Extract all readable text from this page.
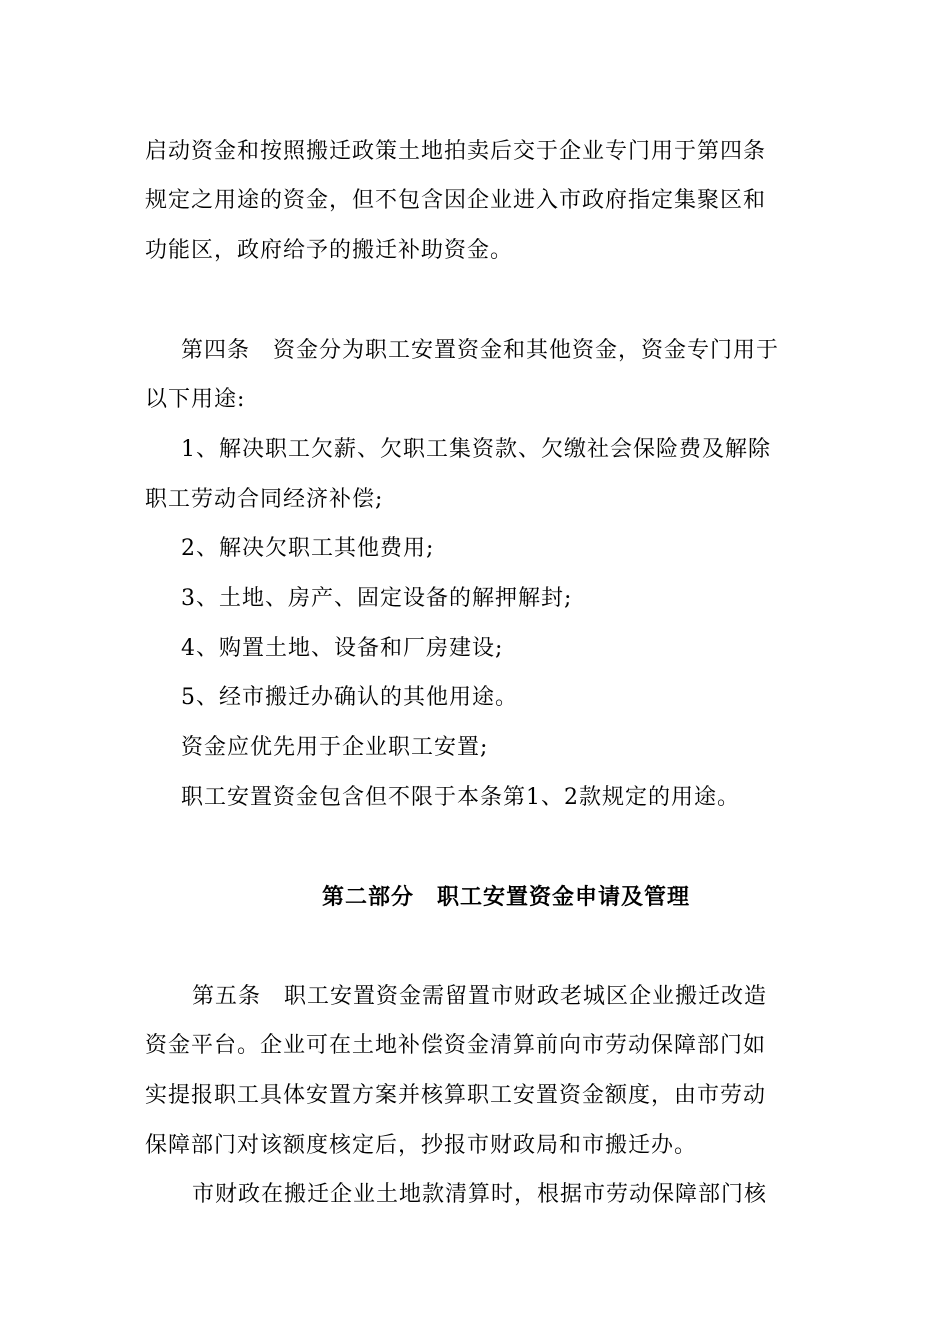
启动资金和按照搬迁政策土地拍卖后交于企业专门用于第四条
规定之用途的资金，但不包含因企业进入市政府指定集聚区和
功能区，政府给予的搬迁补助资金。
第四条　资金分为职工安置资金和其他资金，资金专门用于
以下用途:
1、解决职工欠薪、欠职工集资款、欠缴社会保险费及解除
职工劳动合同经济补偿;
2、解决欠职工其他费用;
3、土地、房产、固定设备的解押解封;
4、购置土地、设备和厂房建设;
5、经市搬迁办确认的其他用途。
资金应优先用于企业职工安置;
职工安置资金包含但不限于本条第1、2款规定的用途。
第二部分　职工安置资金申请及管理
第五条　职工安置资金需留置市财政老城区企业搬迁改造
资金平台。企业可在土地补偿资金清算前向市劳动保障部门如
实提报职工具体安置方案并核算职工安置资金额度，由市劳动
保障部门对该额度核定后，抄报市财政局和市搬迁办。
市财政在搬迁企业土地款清算时，根据市劳动保障部门核
